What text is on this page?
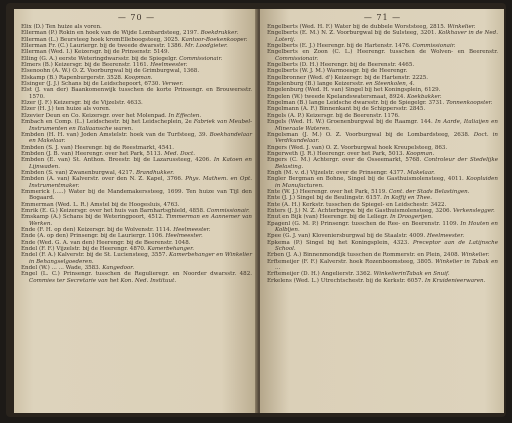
— 70 —
Elix (D.) Ten huize als voren.
Ellerman (P.) Rokin en hoek van de Wijde Lombardsteeg, 2197. Boekdrukker.
Ellerman (L.) Beursteeg hoek kromElleboogsteeg, 3025. Kantoor-Boekenkooper.
Ellerman Fr. (C.) Lauriergr. bij de tweede dwarsstr. 1386. Mr. Loodgieter.
Ellerman (Wed. I.) Keizersgr. bij de Prinsenstr. 5149.
Elling (G. A.) eerste Weteringdwarsstr. bij de Spiegelgr. Commissionair.
Elmers (B.) Keizersgr. bij de Beerenstr. 1161. Heelmeester.
Elsenoohn (A. W.) O. Z. Voorburgwal bij de Grimburgwal, 1368.
Elskamp (B.) Rapenburgerstr. 3528. Koopman.
Elsinger (J. J.) Schans bij de Leidschepoort, 6730. Verwer.
Elst (J. van der) Baankomenwijk tusschen de korte Prinsengr. en Brouwersstr. 1570.
Elzer (J. F.) Keizersgr. bij de Vijzelstr. 4633.
Elzer (H. J.) ten huize als voren.
Elzevier Deun en Co. Keizersgr. over het Molenpad. In Effecten.
Embach en Comp. (L.) Leidschestr. bij het Leidscheplein, 2e Fabriek van Meubel-Instrumenten en Italiaansche waren.
Embden (H. H. van) Joden Amstelstr. hoek van de Turfsteeg, 39. Boekhandelaar en Makelaar.
Embden (S. J. van) Heerengr. bij de Reestmarkt, 4541.
Embden (J. B. van) Heerengr. over het Park, 5113. Med. Doct.
Embden (E. van) St. Anthon. Breestr. bij de Lazarussteeg, 4206. In Katoen en Lijnwaden.
Embden (S. van) Zwanenburgwal, 4217. Brandhukker.
Embden (A. van) Kalverstr. over den N. Z. Kapel, 3766. Phys. Mathem. en Opt. Instrumentmaker.
Emmerick (.....) Water bij de Mandemakerssteeg, 1699. Ten huize van Tijl den Bogaard.
Emmerman (Wed. L. R.) Amstel bij de Hoogesluis, 4763.
Emrik (E. G.) Keizersgr. over het huis van Barnhartsghield, 4858. Commissionair.
Emskamp (A.) Schans bij de Weteringpoort, 4512. Timmerman en Aannemer van Werken.
Ende (F. H. op den) Keizersgr. bij de Wolvenstr. 1114. Heelmeester.
Ende (A. op den) Prinsengr. bij de Lauriergr. 1106. Heelmeester.
Ende (Wed. G. A. van den) Heerengr. bij de Beerenstr. 1048.
Endel (F. F.) Vijzelstr. bij de Heerengr. 4870. Kamerbehanger.
Endel (F. A.) Kalverstr. bij de St. Luciensteeg, 3557. Kamerbehanger en Winkelier in Behangselgoederen.
Endel (W.) ... ... Wade, 3583. Kangedoor.
Engel (L. C.) Prinsengr. tusschen de Regulieregr. en Noorder dwarsstr. 482. Commies ter Secretarie van het Kon. Ned. Instituut.
— 71 —
Engelberts (Wed. H. F.) Water bij de dubbele Worststeeg, 2815. Winkelier.
Engelberts (E. M.) N. Z. Voorburgwal bij de Sulsteeg, 3201. Kolkhaver in de Ned. Loterij.
Engelberts (E. J.) Heerengr. bij de Hartenstr. 1476. Commissionair.
Engelberts en Zoon (C. L.) Heerengr. tusschen de Wolven- en Beerenstr. Commissionair.
Engelberts (D. H.) Heerengr. bij de Beerenstr. 4465.
Engelberts (W. J. M.) Warmoesgr. bij de Heerengr.
Engelbronner (Wed. d') Keizersgr. bij de Hartenstr. 2225.
Engelenburg (B.) lange Keizersstr. en Steenkolen, 4.
Engelenburg (Wed. H. van) Singel bij het Koningsplein, 6129.
Engelen (W.) tweede Kpelandswatersmaat, 8924. Koekbakker.
Engelman (B.) lange Leidsche dwarsstr. bij de Spiegelgr. 3731. Tonnenkoopster.
Engelmann (A. F.) Binnenkant bij de Schippersstr. 2845.
Engels (A. P.) Keizersgr. bij de Beerenstr. 1176.
Engels (Wed. H. W.) Groenenburgwal bij de Raamgr. 144. In Aarde, Italiaijen en Mineraale Wateren.
Engelsman (J. M.) O. Z. Voorburgwal bij de Lombardsteeg, 2638. Doct. in Verdikundelaar.
Engers (Wed. J. van) O. Z. Voorburgwal hoek Kreupelsteeg, 863.
Engerweth (J. R.) Heerengr. over het Park, 5013. Koopman.
Engers (C. M.) Achtergr. over de Osseemarkt, 5768. Controleur der Stedelijke Belasting.
Engh (M. v. d.) Vijzelstr. over de Prinsengr. 4377. Makelaar.
Engler Bergman en Bohne, Singel bij de Gasthuismolensteeg, 4011. Koopluiden in Manufacturen.
Ente (W. J.) Heerengr. over het Park, 5119. Cont. der Stads Belastingen.
Ente (J. J.) Singel bij de Beulingstr. 6157. In Koffij en Thee.
Ente (A. H.) Kerkstr. tusschen de Spiegel- en Leidschestr. 3422.
Enters (J. J.) N. Z. Achterburgw. bij de Gasthuismolensteeg, 3206. Verkenslegger.
Enut en Bijk (van) Heerengr. bij de Leliegr. In Droogerijen.
Epagenl (G. M. P.) Prinsengr. tusschen de Ree- en Beerenstr. 1109. In Houten en Kolbljen.
Epee (G. J. van) Kloveniersburgwal bij de Staalstr. 4009. Heelmeester.
Epkema (P.) Singel bij het Koningsplein, 4323. Preceptor aan de Latijnsche School.
Erben (J. A.) Binnenmondijk tusschen de Rommerstr. en Plein, 2408. Winkelier.
Erftemeijer (F. F.) Kalverstr. hoek Rozenboomsteeg, 3805. Winkelier in Tabak en ...
Erftemeijer (D. H.) Angelierstr. 3362. WinkelierinTabak en Snuif.
Erkelens (Wed. L.) Utrechtschestr. bij de Kerkstr. 6057. In Kruidenieerwaren.
